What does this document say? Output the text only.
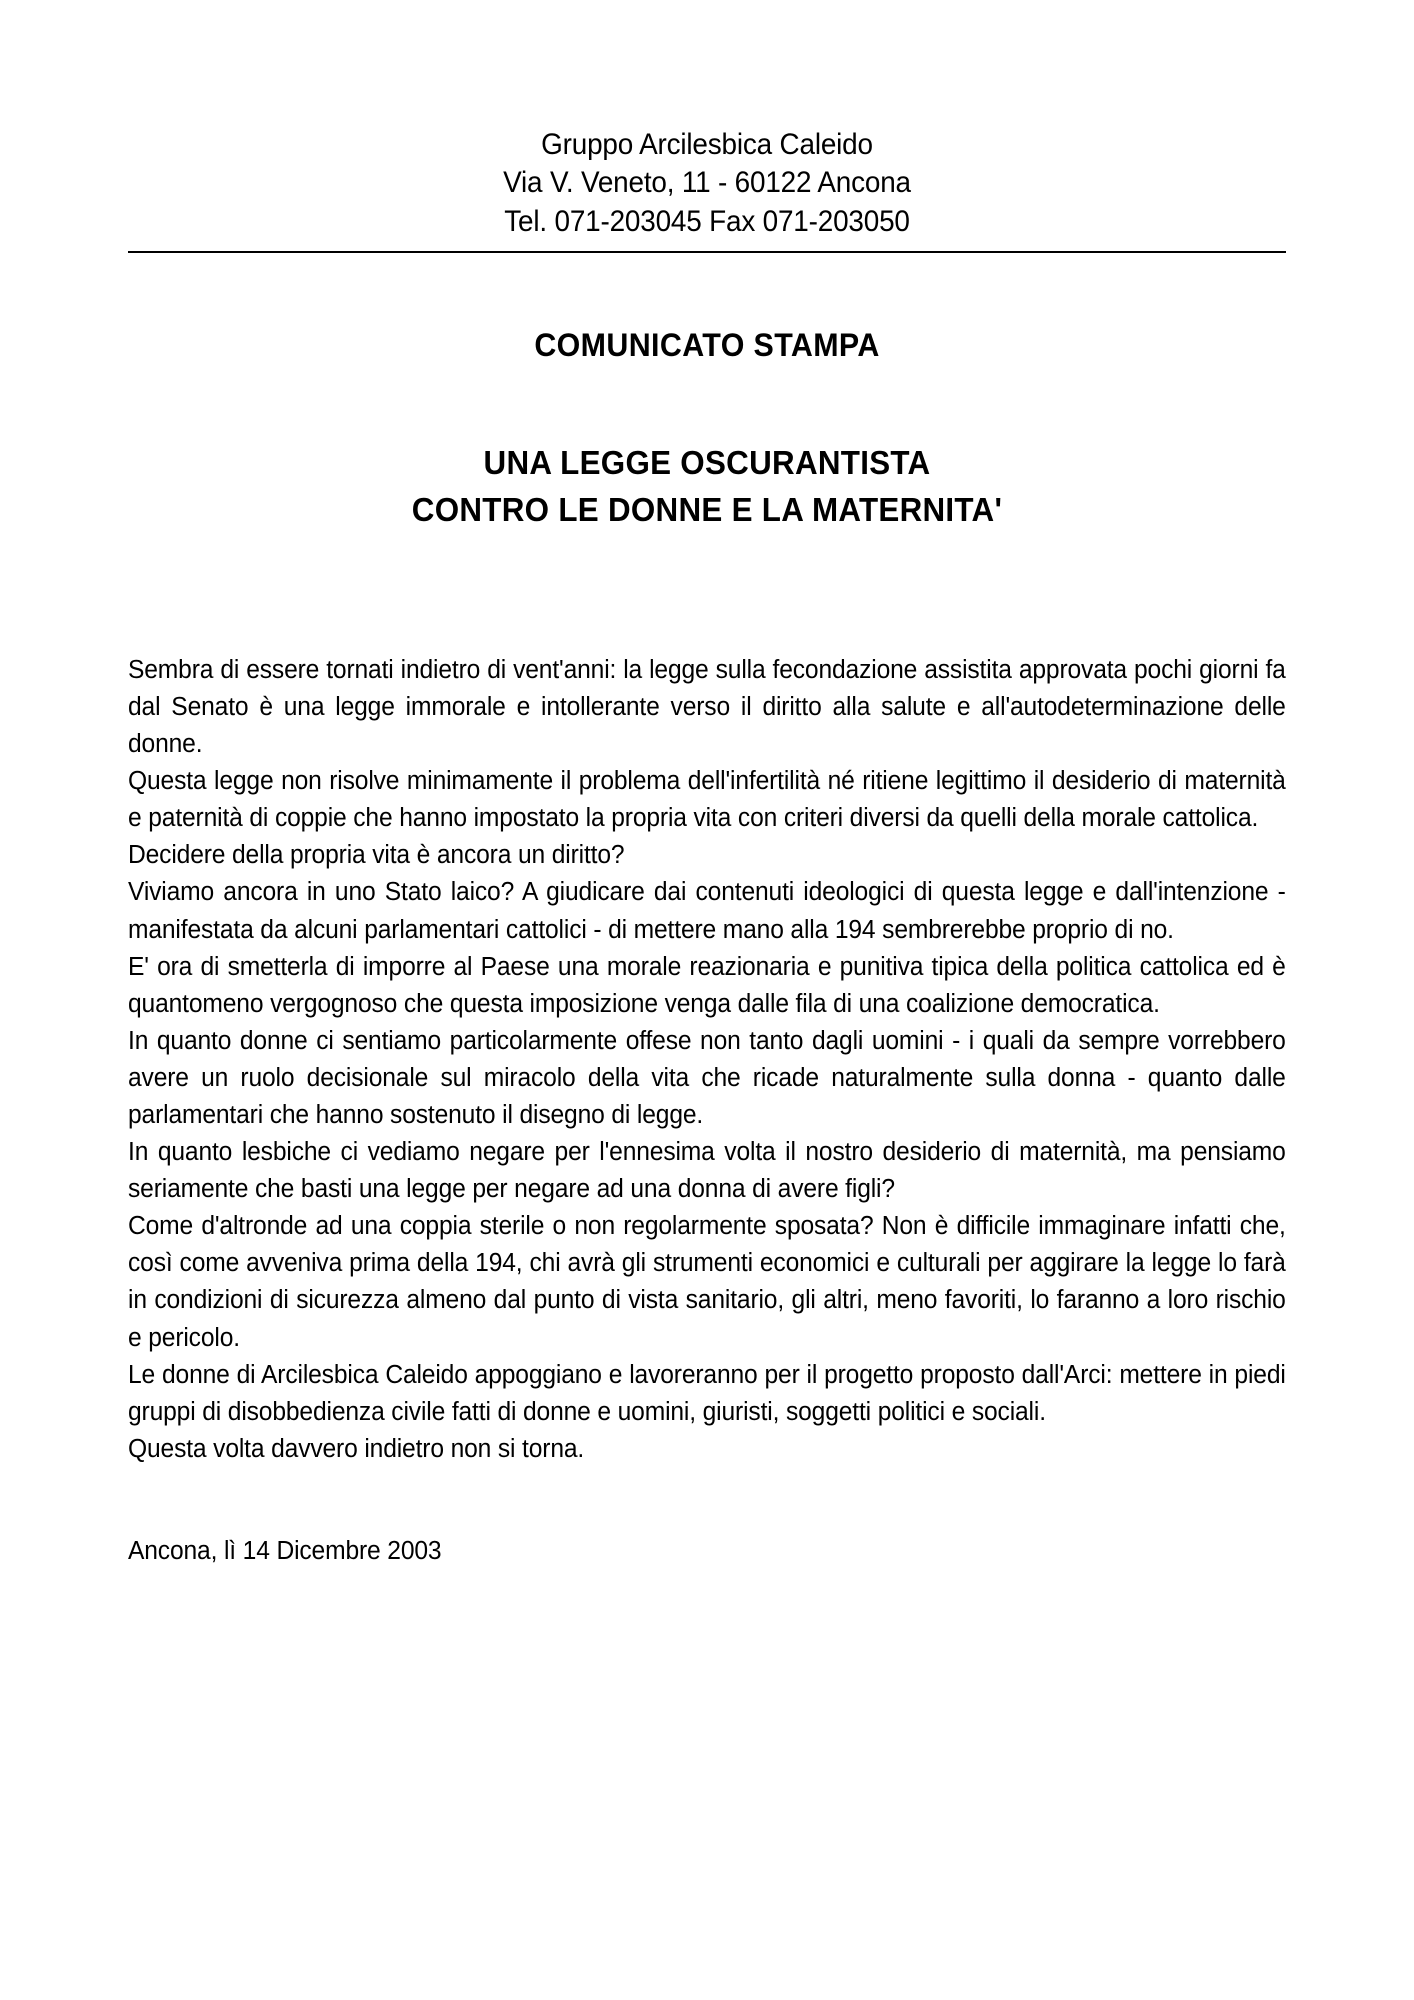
Gruppo Arcilesbica Caleido
Via V. Veneto, 11 - 60122 Ancona
Tel. 071-203045 Fax 071-203050
COMUNICATO STAMPA
UNA LEGGE OSCURANTISTA
CONTRO LE DONNE E LA MATERNITA'

Sembra di essere tornati indietro di vent'anni: la legge sulla fecondazione assistita approvata pochi giorni fa dal Senato è una legge immorale e intollerante verso il diritto alla salute e all'autodeterminazione delle donne.

Questa legge non risolve minimamente il problema dell'infertilità né ritiene legittimo il desiderio di maternità e paternità di coppie che hanno impostato la propria vita con criteri diversi da quelli della morale cattolica.

Decidere della propria vita è ancora un diritto?

Viviamo ancora in uno Stato laico? A giudicare dai contenuti ideologici di questa legge e dall'intenzione - manifestata da alcuni parlamentari cattolici - di mettere mano alla 194 sembrerebbe proprio di no.

E' ora di smetterla di imporre al Paese una morale reazionaria e punitiva tipica della politica cattolica ed è quantomeno vergognoso che questa imposizione venga dalle fila di una coalizione democratica.

In quanto donne ci sentiamo particolarmente offese non tanto dagli uomini - i quali da sempre vorrebbero avere un ruolo decisionale sul miracolo della vita che ricade naturalmente sulla donna - quanto dalle parlamentari che hanno sostenuto il disegno di legge.

In quanto lesbiche ci vediamo negare per l'ennesima volta il nostro desiderio di maternità, ma pensiamo seriamente che basti una legge per negare ad una donna di avere figli?

Come d'altronde ad una coppia sterile o non regolarmente sposata? Non è difficile immaginare infatti che, così come avveniva prima della 194, chi avrà gli strumenti economici e culturali per aggirare la legge lo farà in condizioni di sicurezza almeno dal punto di vista sanitario, gli altri, meno favoriti, lo faranno a loro rischio e pericolo.

Le donne di Arcilesbica Caleido appoggiano e lavoreranno per il progetto proposto dall'Arci: mettere in piedi gruppi di disobbedienza civile fatti di donne e uomini, giuristi, soggetti politici e sociali.

Questa volta davvero indietro non si torna.

Ancona, lì 14 Dicembre 2003
